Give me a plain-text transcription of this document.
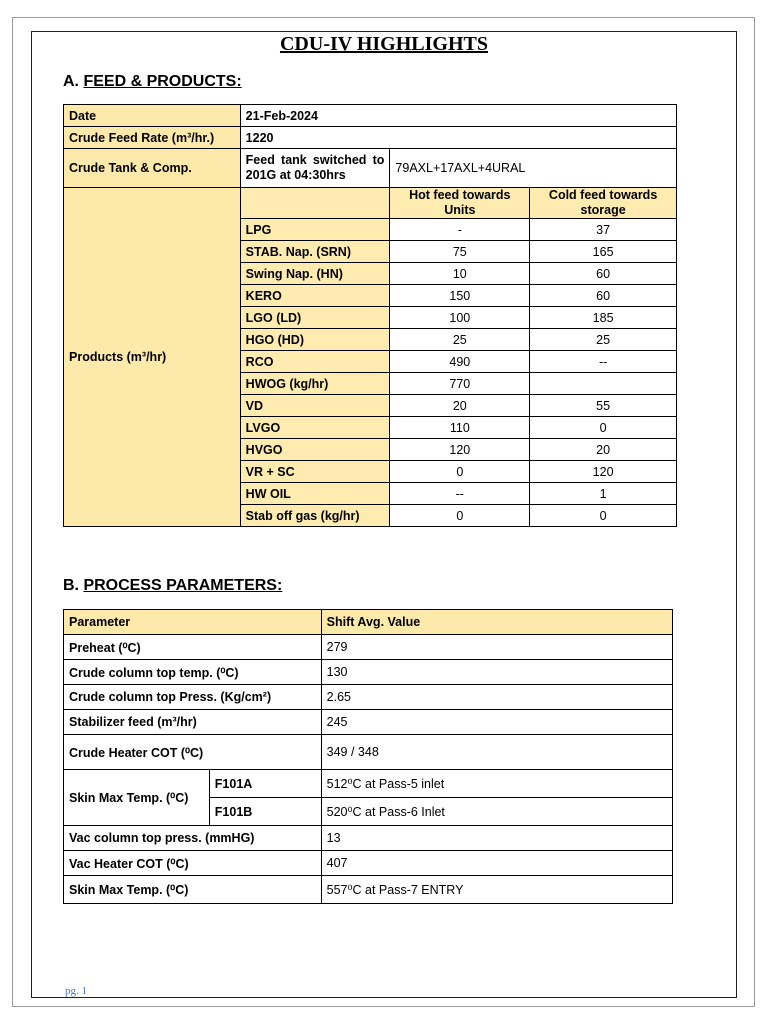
CDU-IV HIGHLIGHTS
A. FEED & PRODUCTS:
Date	21-Feb-2024		
Crude Feed Rate (m³/hr.)	1220		
Crude Tank & Comp.	Feed tank switched to 201G at 04:30hrs	79AXL+17AXL+4URAL	
Products (m³/hr)		Hot feed towards Units	Cold feed towards storage
	LPG	-	37
	STAB. Nap. (SRN)	75	165
	Swing Nap. (HN)	10	60
	KERO	150	60
	LGO (LD)	100	185
	HGO (HD)	25	25
	RCO	490	--
	HWOG (kg/hr)	770	
	VD	20	55
	LVGO	110	0
	HVGO	120	20
	VR + SC	0	120
	HW OIL	--	1
	Stab off gas (kg/hr)	0	0
B. PROCESS PARAMETERS:
Parameter		Shift Avg. Value
Preheat (⁰C)		279
Crude column top temp. (⁰C)		130
Crude column top Press. (Kg/cm²)		2.65
Stabilizer feed (m³/hr)		245
Crude Heater COT (⁰C)		349 / 348
Skin Max Temp. (⁰C)	F101A	512⁰C at Pass-5 inlet
	F101B	520⁰C at Pass-6 Inlet
Vac column top press. (mmHG)		13
Vac Heater COT (⁰C)		407
Skin Max Temp. (⁰C)		557⁰C at Pass-7 ENTRY
pg. 1
